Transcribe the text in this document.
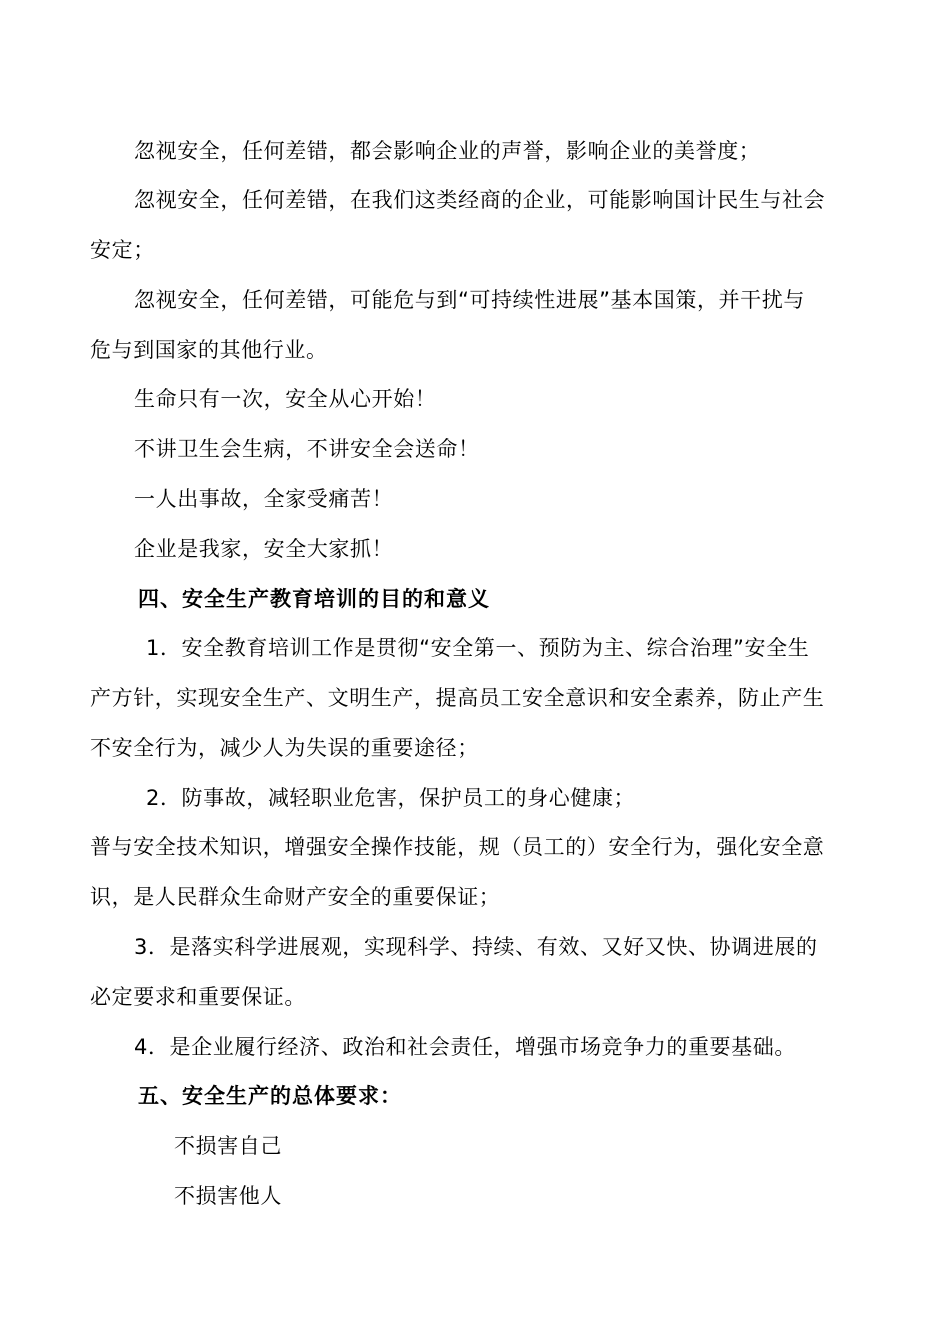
忽视安全，任何差错，都会影响企业的声誉，影响企业的美誉度；
忽视安全，任何差错，在我们这类经商的企业，可能影响国计民生与社会
安定；
忽视安全，任何差错，可能危与到“可持续性进展”基本国策，并干扰与
危与到国家的其他行业。
生命只有一次，安全从心开始！
不讲卫生会生病，不讲安全会送命！
一人出事故，全家受痛苦！
企业是我家，安全大家抓！
四、安全生产教育培训的目的和意义
1．安全教育培训工作是贯彻“安全第一、预防为主、综合治理”安全生
产方针，实现安全生产、文明生产，提高员工安全意识和安全素养，防止产生
不安全行为，减少人为失误的重要途径；
2．防事故，减轻职业危害，保护员工的身心健康；
普与安全技术知识，增强安全操作技能，规（员工的）安全行为，强化安全意
识，是人民群众生命财产安全的重要保证；
3．是落实科学进展观，实现科学、持续、有效、又好又快、协调进展的
必定要求和重要保证。
4．是企业履行经济、政治和社会责任，增强市场竞争力的重要基础。
五、安全生产的总体要求：
不损害自己
不损害他人
